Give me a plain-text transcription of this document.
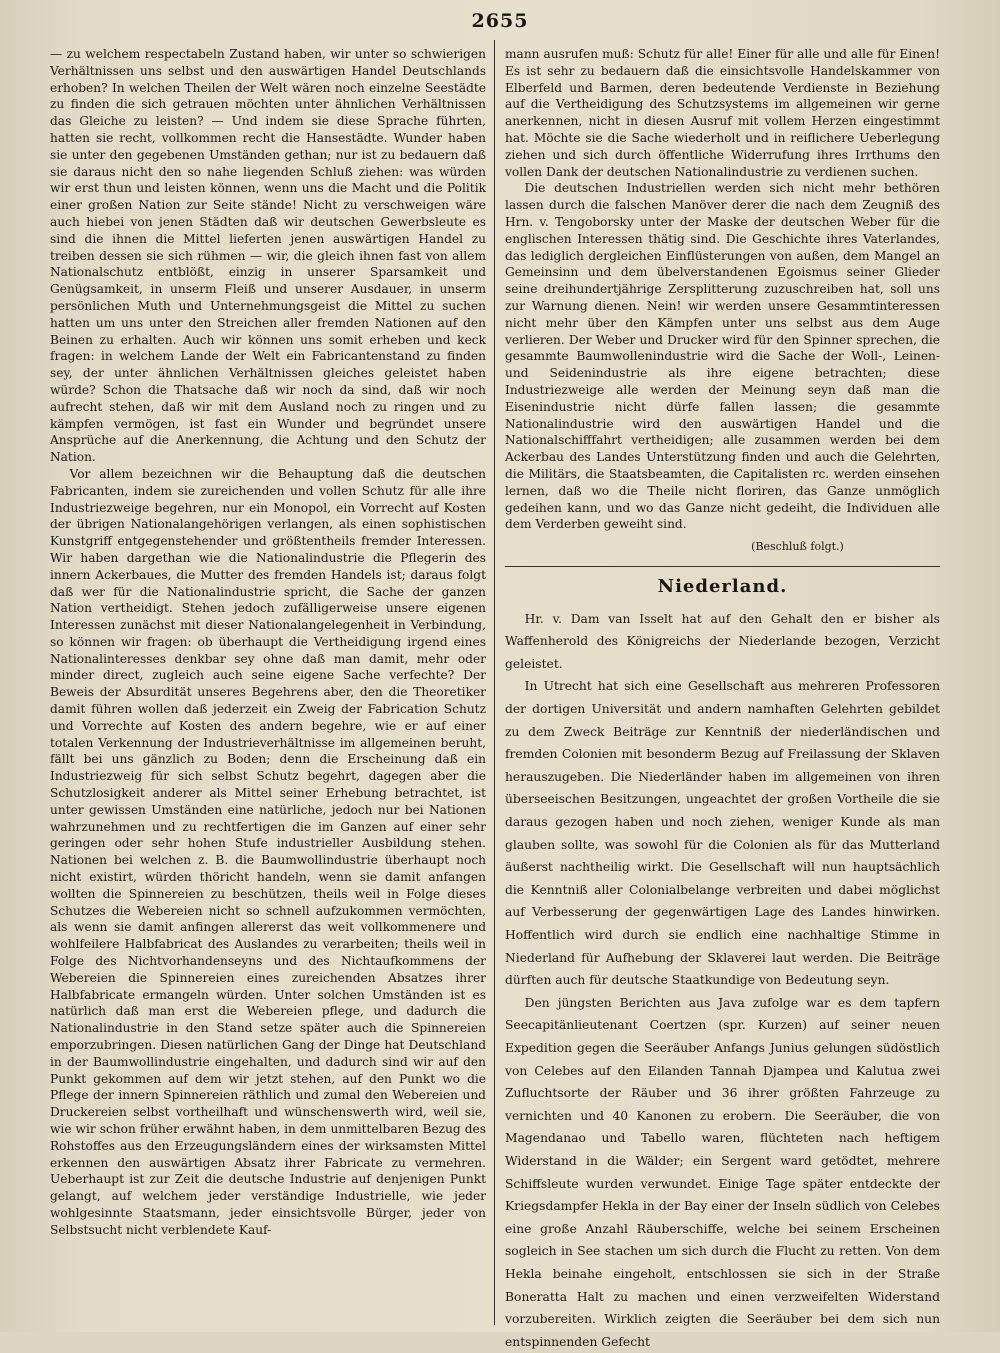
2655

— zu welchem respectabeln Zustand haben, wir unter so schwierigen Verhältnissen uns selbst und den auswärtigen Handel Deutschlands erhoben? In welchen Theilen der Welt wären noch einzelne Seestädte zu finden die sich getrauen möchten unter ähnlichen Verhältnissen das Gleiche zu leisten? — Und indem sie diese Sprache führten, hatten sie recht, vollkommen recht die Hansestädte. Wunder haben sie unter den gegebenen Umständen gethan; nur ist zu bedauern daß sie daraus nicht den so nahe liegenden Schluß ziehen: was würden wir erst thun und leisten können, wenn uns die Macht und die Politik einer großen Nation zur Seite stände! Nicht zu verschweigen wäre auch hiebei von jenen Städten daß wir deutschen Gewerbsleute es sind die ihnen die Mittel lieferten jenen auswärtigen Handel zu treiben dessen sie sich rühmen — wir, die gleich ihnen fast von allem Nationalschutz entblößt, einzig in unserer Sparsamkeit und Genügsamkeit, in unserm Fleiß und unserer Ausdauer, in unserm persönlichen Muth und Unternehmungsgeist die Mittel zu suchen hatten um uns unter den Streichen aller fremden Nationen auf den Beinen zu erhalten. Auch wir können uns somit erheben und keck fragen: in welchem Lande der Welt ein Fabricantenstand zu finden sey, der unter ähnlichen Verhältnissen gleiches geleistet haben würde? Schon die Thatsache daß wir noch da sind, daß wir noch aufrecht stehen, daß wir mit dem Ausland noch zu ringen und zu kämpfen vermögen, ist fast ein Wunder und begründet unsere Ansprüche auf die Anerkennung, die Achtung und den Schutz der Nation.

Vor allem bezeichnen wir die Behauptung daß die deutschen Fabricanten, indem sie zureichenden und vollen Schutz für alle ihre Industriezweige begehren, nur ein Monopol, ein Vorrecht auf Kosten der übrigen Nationalangehörigen verlangen, als einen sophistischen Kunstgriff entgegenstehender und größtentheils fremder Interessen. Wir haben dargethan wie die Nationalindustrie die Pflegerin des innern Ackerbaues, die Mutter des fremden Handels ist; daraus folgt daß wer für die Nationalindustrie spricht, die Sache der ganzen Nation vertheidigt. Stehen jedoch zufälligerweise unsere eigenen Interessen zunächst mit dieser Nationalangelegenheit in Verbindung, so können wir fragen: ob überhaupt die Vertheidigung irgend eines Nationalinteresses denkbar sey ohne daß man damit, mehr oder minder direct, zugleich auch seine eigene Sache verfechte? Der Beweis der Absurdität unseres Begehrens aber, den die Theoretiker damit führen wollen daß jederzeit ein Zweig der Fabrication Schutz und Vorrechte auf Kosten des andern begehre, wie er auf einer totalen Verkennung der Industrieverhältnisse im allgemeinen beruht, fällt bei uns gänzlich zu Boden; denn die Erscheinung daß ein Industriezweig für sich selbst Schutz begehrt, dagegen aber die Schutzlosigkeit anderer als Mittel seiner Erhebung betrachtet, ist unter gewissen Umständen eine natürliche, jedoch nur bei Nationen wahrzunehmen und zu rechtfertigen die im Ganzen auf einer sehr geringen oder sehr hohen Stufe industrieller Ausbildung stehen. Nationen bei welchen z. B. die Baumwollindustrie überhaupt noch nicht existirt, würden thöricht handeln, wenn sie damit anfangen wollten die Spinnereien zu beschützen, theils weil in Folge dieses Schutzes die Webereien nicht so schnell aufzukommen vermöchten, als wenn sie damit anfingen allererst das weit vollkommenere und wohlfeilere Halbfabricat des Auslandes zu verarbeiten; theils weil in Folge des Nichtvorhandenseyns und des Nichtaufkommens der Webereien die Spinnereien eines zureichenden Absatzes ihrer Halbfabricate ermangeln würden. Unter solchen Umständen ist es natürlich daß man erst die Webereien pflege, und dadurch die Nationalindustrie in den Stand setze später auch die Spinnereien emporzubringen. Diesen natürlichen Gang der Dinge hat Deutschland in der Baumwollindustrie eingehalten, und dadurch sind wir auf den Punkt gekommen auf dem wir jetzt stehen, auf den Punkt wo die Pflege der innern Spinnereien räthlich und zumal den Webereien und Druckereien selbst vortheilhaft und wünschenswerth wird, weil sie, wie wir schon früher erwähnt haben, in dem unmittelbaren Bezug des Rohstoffes aus den Erzeugungsländern eines der wirksamsten Mittel erkennen den auswärtigen Absatz ihrer Fabricate zu vermehren. Ueberhaupt ist zur Zeit die deutsche Industrie auf denjenigen Punkt gelangt, auf welchem jeder verständige Industrielle, wie jeder wohlgesinnte Staatsmann, jeder einsichtsvolle Bürger, jeder von Selbstsucht nicht verblendete Kauf-

mann ausrufen muß: Schutz für alle! Einer für alle und alle für Einen! Es ist sehr zu bedauern daß die einsichtsvolle Handelskammer von Elberfeld und Barmen, deren bedeutende Verdienste in Beziehung auf die Vertheidigung des Schutzsystems im allgemeinen wir gerne anerkennen, nicht in diesen Ausruf mit vollem Herzen eingestimmt hat. Möchte sie die Sache wiederholt und in reiflichere Ueberlegung ziehen und sich durch öffentliche Widerrufung ihres Irrthums den vollen Dank der deutschen Nationalindustrie zu verdienen suchen.

Die deutschen Industriellen werden sich nicht mehr bethören lassen durch die falschen Manöver derer die nach dem Zeugniß des Hrn. v. Tengoborsky unter der Maske der deutschen Weber für die englischen Interessen thätig sind. Die Geschichte ihres Vaterlandes, das lediglich dergleichen Einflüsterungen von außen, dem Mangel an Gemeinsinn und dem übelverstandenen Egoismus seiner Glieder seine dreihundertjährige Zersplitterung zuzuschreiben hat, soll uns zur Warnung dienen. Nein! wir werden unsere Gesammtinteressen nicht mehr über den Kämpfen unter uns selbst aus dem Auge verlieren. Der Weber und Drucker wird für den Spinner sprechen, die gesammte Baumwollenindustrie wird die Sache der Woll-, Leinen- und Seidenindustrie als ihre eigene betrachten; diese Industriezweige alle werden der Meinung seyn daß man die Eisenindustrie nicht dürfe fallen lassen; die gesammte Nationalindustrie wird den auswärtigen Handel und die Nationalschifffahrt vertheidigen; alle zusammen werden bei dem Ackerbau des Landes Unterstützung finden und auch die Gelehrten, die Militärs, die Staatsbeamten, die Capitalisten rc. werden einsehen lernen, daß wo die Theile nicht floriren, das Ganze unmöglich gedeihen kann, und wo das Ganze nicht gedeiht, die Individuen alle dem Verderben geweiht sind.

(Beschluß folgt.)
Niederland.

Hr. v. Dam van Isselt hat auf den Gehalt den er bisher als Waffenherold des Königreichs der Niederlande bezogen, Verzicht geleistet.

In Utrecht hat sich eine Gesellschaft aus mehreren Professoren der dortigen Universität und andern namhaften Gelehrten gebildet zu dem Zweck Beiträge zur Kenntniß der niederländischen und fremden Colonien mit besonderm Bezug auf Freilassung der Sklaven herauszugeben. Die Niederländer haben im allgemeinen von ihren überseeischen Besitzungen, ungeachtet der großen Vortheile die sie daraus gezogen haben und noch ziehen, weniger Kunde als man glauben sollte, was sowohl für die Colonien als für das Mutterland äußerst nachtheilig wirkt. Die Gesellschaft will nun hauptsächlich die Kenntniß aller Colonialbelange verbreiten und dabei möglichst auf Verbesserung der gegenwärtigen Lage des Landes hinwirken. Hoffentlich wird durch sie endlich eine nachhaltige Stimme in Niederland für Aufhebung der Sklaverei laut werden. Die Beiträge dürften auch für deutsche Staatkundige von Bedeutung seyn.

Den jüngsten Berichten aus Java zufolge war es dem tapfern Seecapitänlieutenant Coertzen (spr. Kurzen) auf seiner neuen Expedition gegen die Seeräuber Anfangs Junius gelungen südöstlich von Celebes auf den Eilanden Tannah Djampea und Kalutua zwei Zufluchtsorte der Räuber und 36 ihrer größten Fahrzeuge zu vernichten und 40 Kanonen zu erobern. Die Seeräuber, die von Magendanao und Tabello waren, flüchteten nach heftigem Widerstand in die Wälder; ein Sergent ward getödtet, mehrere Schiffsleute wurden verwundet. Einige Tage später entdeckte der Kriegsdampfer Hekla in der Bay einer der Inseln südlich von Celebes eine große Anzahl Räuberschiffe, welche bei seinem Erscheinen sogleich in See stachen um sich durch die Flucht zu retten. Von dem Hekla beinahe eingeholt, entschlossen sie sich in der Straße Boneratta Halt zu machen und einen verzweifelten Widerstand vorzubereiten. Wirklich zeigten die Seeräuber bei dem sich nun entspinnenden Gefecht
